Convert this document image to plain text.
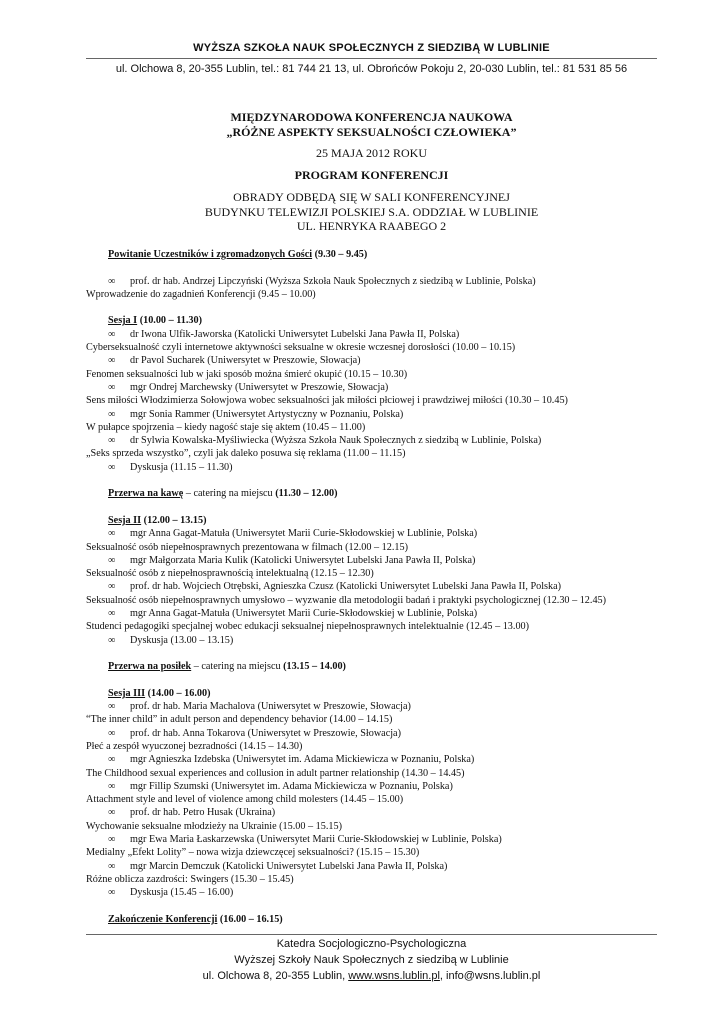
WYŻSZA SZKOŁA NAUK SPOŁECZNYCH Z SIEDZIBĄ W LUBLINIE
ul. Olchowa 8, 20-355 Lublin, tel.: 81 744 21 13, ul. Obrońców Pokoju 2, 20-030 Lublin, tel.: 81 531 85 56
MIĘDZYNARODOWA KONFERENCJA NAUKOWA
„RÓŻNE ASPEKTY SEKSUALNOŚCI CZŁOWIEKA”
25 MAJA 2012 ROKU
PROGRAM KONFERENCJI
OBRADY ODBĘDĄ SIĘ W SALI KONFERENCYJNEJ
BUDYNKU TELEWIZJI POLSKIEJ S.A. ODDZIAŁ W LUBLINIE
UL. HENRYKA RAABEGO 2
Powitanie Uczestników i zgromadzonych Gości (9.30 – 9.45)
∞ prof. dr hab. Andrzej Lipczyński (Wyższa Szkoła Nauk Społecznych z siedzibą w Lublinie, Polska)
Wprowadzenie do zagadnień Konferencji (9.45 – 10.00)
Sesja I (10.00 – 11.30)
∞ dr Iwona Ulfik-Jaworska (Katolicki Uniwersytet Lubelski Jana Pawła II, Polska)
Cyberseksualność czyli internetowe aktywności seksualne w okresie wczesnej dorosłości (10.00 – 10.15)
∞ dr Pavol Sucharek (Uniwersytet w Preszowie, Słowacja)
Fenomen seksualności lub w jaki sposób można śmierć okupić (10.15 – 10.30)
∞ mgr Ondrej Marchewsky (Uniwersytet w Preszowie, Słowacja)
Sens miłości Włodzimierza Sołowjowa wobec seksualności jak miłości płciowej i prawdziwej miłości (10.30 – 10.45)
∞ mgr Sonia Rammer (Uniwersytet Artystyczny w Poznaniu, Polska)
W pułapce spojrzenia – kiedy nagość staje się aktem (10.45 – 11.00)
∞ dr Sylwia Kowalska-Myśliwiecka (Wyższa Szkoła Nauk Społecznych z siedzibą w Lublinie, Polska)
„Seks sprzeda wszystko”, czyli jak daleko posuwa się reklama (11.00 – 11.15)
∞ Dyskusja (11.15 – 11.30)
Przerwa na kawę – catering na miejscu (11.30 – 12.00)
Sesja II (12.00 – 13.15)
∞ mgr Anna Gagat-Matuła (Uniwersytet Marii Curie-Skłodowskiej w Lublinie, Polska)
Seksualność osób niepełnosprawnych prezentowana w filmach (12.00 – 12.15)
∞ mgr Małgorzata Maria Kulik (Katolicki Uniwersytet Lubelski Jana Pawła II, Polska)
Seksualność osób z niepełnosprawnością intelektualną (12.15 – 12.30)
∞ prof. dr hab. Wojciech Otrębski, Agnieszka Czusz (Katolicki Uniwersytet Lubelski Jana Pawła II, Polska)
Seksualność osób niepełnosprawnych umysłowo – wyzwanie dla metodologii badań i praktyki psychologicznej (12.30 – 12.45)
∞ mgr Anna Gagat-Matuła (Uniwersytet Marii Curie-Skłodowskiej w Lublinie, Polska)
Studenci pedagogiki specjalnej wobec edukacji seksualnej niepełnosprawnych intelektualnie (12.45 – 13.00)
∞ Dyskusja (13.00 – 13.15)
Przerwa na posiłek – catering na miejscu (13.15 – 14.00)
Sesja III (14.00 – 16.00)
∞ prof. dr hab. Maria Machalova (Uniwersytet w Preszowie, Słowacja)
“The inner child” in adult person and dependency behavior (14.00 – 14.15)
∞ prof. dr hab. Anna Tokarova (Uniwersytet w Preszowie, Słowacja)
Płeć a zespół wyuczonej bezradności (14.15 – 14.30)
∞ mgr Agnieszka Izdebska (Uniwersytet im. Adama Mickiewicza w Poznaniu, Polska)
The Childhood sexual experiences and collusion in adult partner relationship (14.30 – 14.45)
∞ mgr Fillip Szumski (Uniwersytet im. Adama Mickiewicza w Poznaniu, Polska)
Attachment style and level of violence among child molesters (14.45 – 15.00)
∞ prof. dr hab. Petro Husak (Ukraina)
Wychowanie seksualne młodzieży na Ukrainie (15.00 – 15.15)
∞ mgr Ewa Maria Łaskarzewska (Uniwersytet Marii Curie-Skłodowskiej w Lublinie, Polska)
Medialny „Efekt Lolity” – nowa wizja dziewczęcej seksualności? (15.15 – 15.30)
∞ mgr Marcin Demczuk (Katolicki Uniwersytet Lubelski Jana Pawła II, Polska)
Różne oblicza zazdrości: Swingers (15.30 – 15.45)
∞ Dyskusja (15.45 – 16.00)
Zakończenie Konferencji (16.00 – 16.15)
Katedra Socjologiczno-Psychologiczna
Wyższej Szkoły Nauk Społecznych z siedzibą w Lublinie
ul. Olchowa 8, 20-355 Lublin, www.wsns.lublin.pl, info@wsns.lublin.pl
